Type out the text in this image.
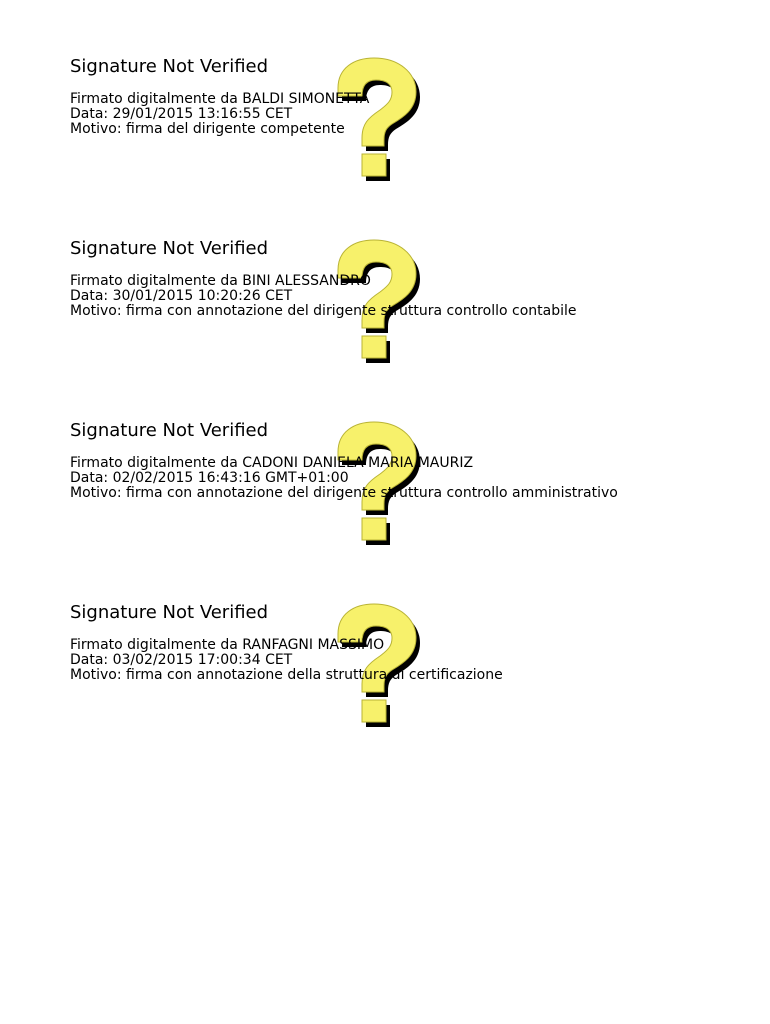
Signature Not Verified
Firmato digitalmente da BALDI SIMONETTA
Data: 29/01/2015 13:16:55 CET
Motivo: firma del dirigente competente
Signature Not Verified
Firmato digitalmente da BINI ALESSANDRO
Data: 30/01/2015 10:20:26 CET
Motivo: firma con annotazione del dirigente struttura controllo contabile
Signature Not Verified
Firmato digitalmente da CADONI DANIELA MARIA MAURIZ
Data: 02/02/2015 16:43:16 GMT+01:00
Motivo: firma con annotazione del dirigente struttura controllo amministrativo
Signature Not Verified
Firmato digitalmente da RANFAGNI MASSIMO
Data: 03/02/2015 17:00:34 CET
Motivo: firma con annotazione della struttura di certificazione
